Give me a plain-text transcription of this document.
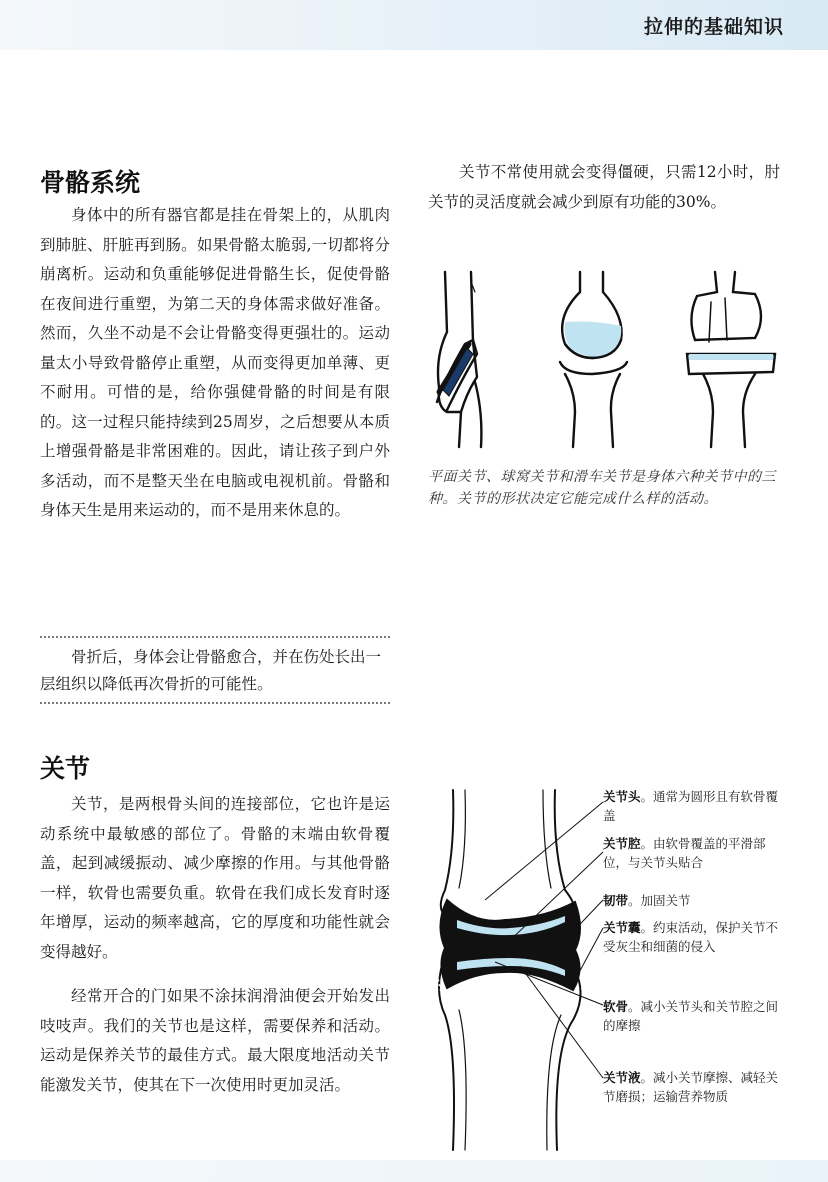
拉伸的基础知识
骨骼系统

身体中的所有器官都是挂在骨架上的，从肌肉到肺脏、肝脏再到肠。如果骨骼太脆弱,一切都将分崩离析。运动和负重能够促进骨骼生长，促使骨骼在夜间进行重塑，为第二天的身体需求做好准备。然而，久坐不动是不会让骨骼变得更强壮的。运动量太小导致骨骼停止重塑，从而变得更加单薄、更不耐用。可惜的是，给你强健骨骼的时间是有限的。这一过程只能持续到25周岁，之后想要从本质上增强骨骼是非常困难的。因此，请让孩子到户外多活动，而不是整天坐在电脑或电视机前。骨骼和身体天生是用来运动的，而不是用来休息的。

骨折后，身体会让骨骼愈合，并在伤处长出一层组织以降低再次骨折的可能性。

关节

关节，是两根骨头间的连接部位，它也许是运动系统中最敏感的部位了。骨骼的末端由软骨覆盖，起到减缓振动、减少摩擦的作用。与其他骨骼一样，软骨也需要负重。软骨在我们成长发育时逐年增厚，运动的频率越高，它的厚度和功能性就会变得越好。

经常开合的门如果不涂抹润滑油便会开始发出吱吱声。我们的关节也是这样，需要保养和活动。运动是保养关节的最佳方式。最大限度地活动关节能激发关节，使其在下一次使用时更加灵活。

关节不常使用就会变得僵硬，只需12小时，肘关节的灵活度就会减少到原有功能的30%。

平面关节、球窝关节和滑车关节是身体六种关节中的三种。关节的形状决定它能完成什么样的活动。

关节头。通常为圆形且有软骨覆盖

关节腔。由软骨覆盖的平滑部位，与关节头贴合

韧带。加固关节

关节囊。约束活动，保护关节不受灰尘和细菌的侵入

软骨。减小关节头和关节腔之间的摩擦

关节液。减小关节摩擦、减轻关节磨损；运输营养物质
